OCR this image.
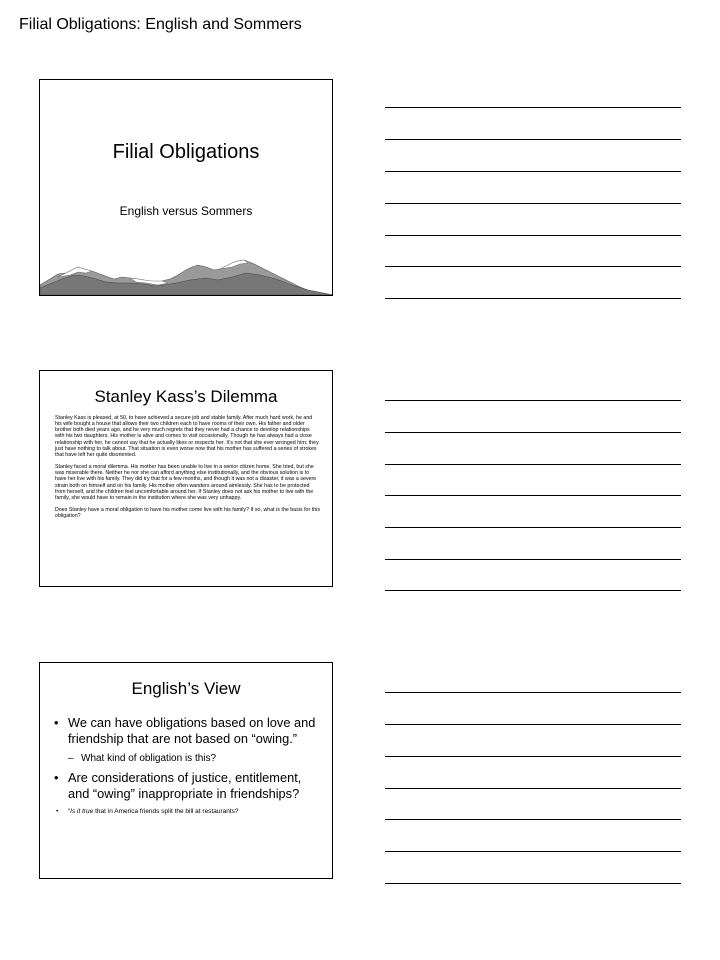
Filial Obligations: English and Sommers
Filial Obligations
English versus Sommers
Stanley Kass’s Dilemma

Stanley Kass is pleased, at 50, to have achieved a secure job and stable family. After much hard work, he and his wife bought a house that allows their two children each to have rooms of their own. His father and older brother both died years ago, and he very much regrets that they never had a chance to develop relationships with his two daughters. His mother is alive and comes to visit occasionally. Though he has always had a close relationship with her, he cannot say that he actually likes or respects her. It’s not that she ever wronged him; they just have nothing to talk about. That situation is even worse now that his mother has suffered a series of strokes that have left her quite disoriented.

Stanley faced a moral dilemma. His mother has been unable to live in a senior citizen home. She tried, but she was miserable there. Neither he nor she can afford anything else institutionally, and the obvious solution is to have her live with his family. They did try that for a few months, and though it was not a disaster, it was a severe strain both on himself and on his family. His mother often wanders around aimlessly. She has to be protected from herself, and the children feel uncomfortable around her. If Stanley does not ask his mother to live with the family, she would have to remain in the institution where she was very unhappy.

Does Stanley have a moral obligation to have his mother come live with his family? If so, what is the basis for this obligation?

English’s View
• We can have obligations based on love and friendship that are not based on “owing.”
– What kind of obligation is this?
• Are considerations of justice, entitlement, and “owing” inappropriate in friendships?
• “Is it true that in America friends split the bill at restaurants?
